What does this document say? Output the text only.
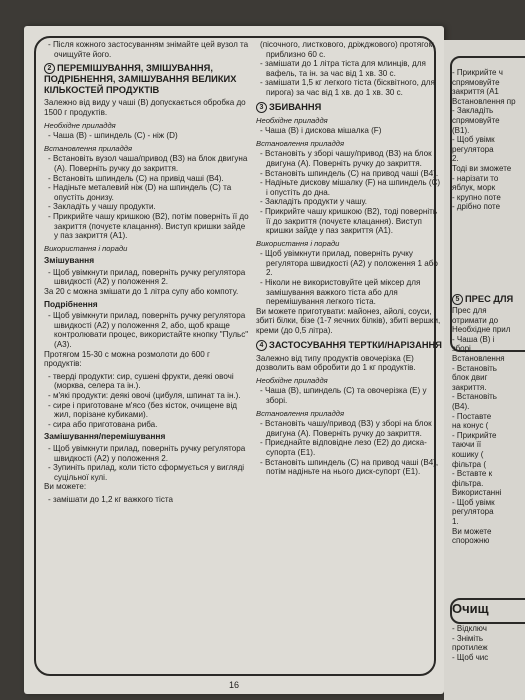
- Після кожного застосуванням знімайте цей вузол та очищуйте його.

2 ПЕРЕМІШУВАННЯ, ЗМІШУВАННЯ, ПОДРІБНЕННЯ, ЗАМІШУВАННЯ ВЕЛИКИХ КІЛЬКОСТЕЙ ПРОДУКТІВ

Залежно від виду у чаші (B) допускається обробка до 1500 г продуктів.

Необхідне приладдя

- Чаша (B) - шпиндель (C) - ніж (D)

Встановлення приладдя

- Встановіть вузол чаша/привод (B3) на блок двигуна (A). Поверніть ручку до закриття.

- Встановіть шпиндель (C) на привід чаші (B4).

- Надіньте металевий ніж (D) на шпиндель (C) та опустіть донизу.

- Закладіть у чашу продукти.

- Прикрийте чашу кришкою (B2), потім поверніть її до закриття (почуєте клацання). Виступ кришки зайде у паз закриття (A1).

Використання і поради
Змішування

- Щоб увімкнути прилад, поверніть ручку регулятора швидкості (A2) у положення 2.

За 20 с можна змішати до 1 літра супу або компоту.

Подрібнення

- Щоб увімкнути прилад, поверніть ручку регулятора швидкості (A2) у положення 2, або, щоб краще контролювати процес, використайте кнопку "Пульс" (A3).

Протягом 15-30 с можна розмолоти до 600 г продуктів:

- тверді продукти: сир, сушені фрукти, деякі овочі (морква, селера та ін.).

- м'які продукти: деякі овочі (цибуля, шпинат та ін.).

- сире і приготоване м'ясо (без кісток, очищене від жил, порізане кубиками).

- сира або приготована риба.

Замішування/перемішування

- Щоб увімкнути прилад, поверніть ручку регулятора швидкості (A2) у положення 2.

- Зупиніть прилад, коли тісто сформується у вигляді суцільної кулі.

Ви можете:

- замішати до 1,2 кг важкого тіста

(пісочного, листкового, дріжджового) протягом приблизно 60 с.

- замішати до 1 літра тіста для млинців, для вафель, та ін. за час від 1 хв. 30 с.

- замішати 1,5 кг легкого тіста (бісквітного, для пирога) за час від 1 хв. до 1 хв. 30 с.

3 ЗБИВАННЯ
Необхідне приладдя

- Чаша (B) і дискова мішалка (F)

Встановлення приладдя

- Встановіть у зборі чашу/привод (B3) на блок двигуна (A). Поверніть ручку до закриття.

- Встановіть шпиндель (C) на привод чаші (B4).

- Надіньте дискову мішалку (F) на шпиндель (C) і опустіть до дна.

- Закладіть продукти у чашу.

- Прикрийте чашу кришкою (B2), тоді поверніть її до закриття (почуєте клацання). Виступ кришки зайде у паз закриття (A1).

Використання і поради

- Щоб увімкнути прилад, поверніть ручку регулятора швидкості (A2) у положення 1 або 2.

- Ніколи не використовуйте цей міксер для замішування важкого тіста або для перемішування легкого тіста.

Ви можете приготувати: майонез, айолі, соуси, збиті білки, бізе (1-7 яєчних білків), збиті вершки, креми (до 0,5 літра).

4 ЗАСТОСУВАННЯ ТЕРТКИ/НАРІЗАННЯ

Залежно від типу продуктів овочерізка (E) дозволить вам обробити до 1 кг продуктів.

Необхідне приладдя

- Чаша (B), шпиндель (C) та овочерізка (E) у зборі.

Встановлення приладдя

- Встановіть чашу/привод (B3) у зборі на блок двигуна (A). Поверніть ручку до закриття.

- Приєднайте відповідне лезо (E2) до диска-супорта (E1).

- Встановіть шпиндель (C) на привод чаші (B4), потім надіньте на нього диск-супорт (E1).

16
- Прикрийте ч
спрямовуйте
закриття (A1
Встановлення пр
- Закладіть
спрямовуйте
(B1).
- Щоб увімк
регулятора
2.
Тоді ви зможете
- нарізати то
яблук, морк
- крупно поте
- дрібно поте
5 ПРЕС ДЛЯ
Прес для
отримати до
Необхідне прил
- Чаша (B) і
зборі
Встановлення
- Встановіть
блок двиг
закриття.
- Встановіть
(B4).
- Поставте
на конус (
- Прикрийте
таючи її
кошику (
фільтра (
- Вставте к
фільтра.
Використанні
- Щоб увімк
регулятора
1.
Ви можете
спорожню
Очищ
- Відключ
- Зніміть
протилеж
- Щоб чис
